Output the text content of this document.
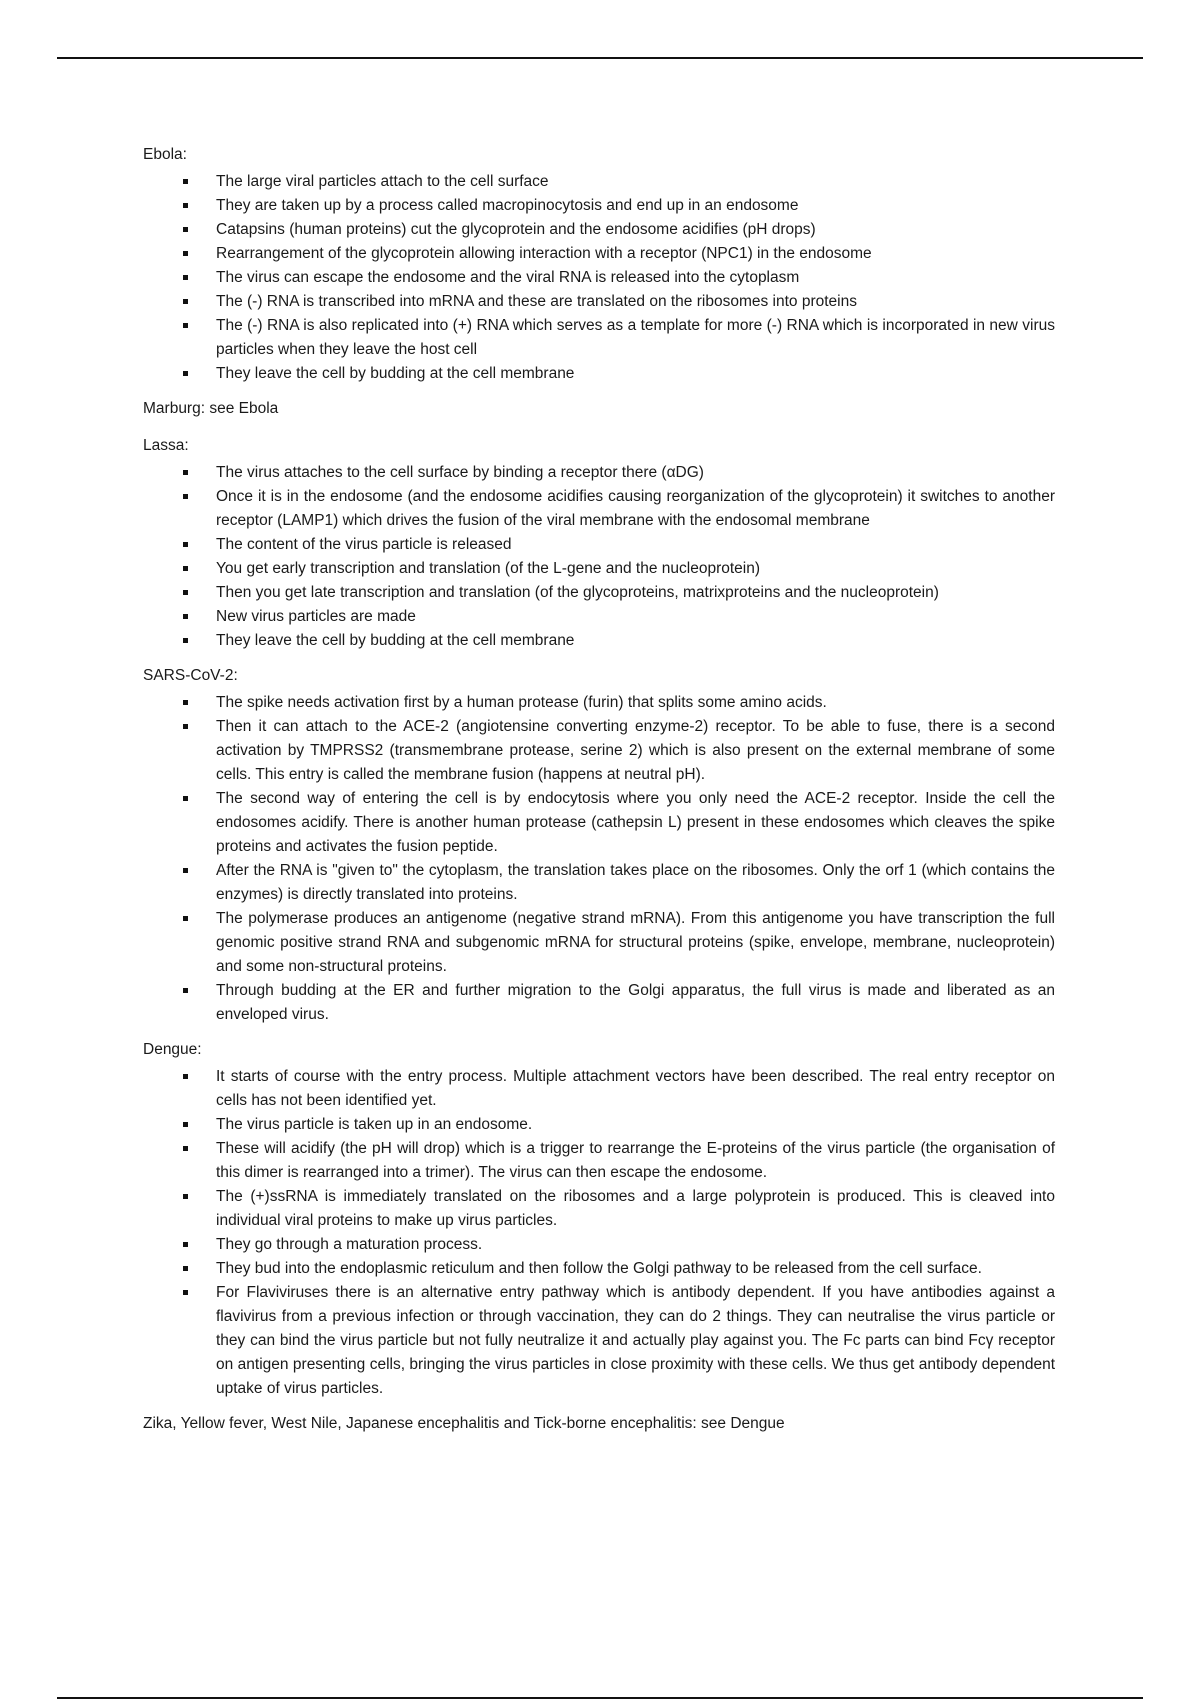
Ebola:

The large viral particles attach to the cell surface
They are taken up by a process called macropinocytosis and end up in an endosome
Catapsins (human proteins) cut the glycoprotein and the endosome acidifies (pH drops)
Rearrangement of the glycoprotein allowing interaction with a receptor (NPC1) in the endosome
The virus can escape the endosome and the viral RNA is released into the cytoplasm
The (-) RNA is transcribed into mRNA and these are translated on the ribosomes into proteins
The (-) RNA is also replicated into (+) RNA which serves as a template for more (-) RNA which is incorporated in new virus particles when they leave the host cell
They leave the cell by budding at the cell membrane

Marburg: see Ebola

Lassa:

The virus attaches to the cell surface by binding a receptor there (αDG)
Once it is in the endosome (and the endosome acidifies causing reorganization of the glycoprotein) it switches to another receptor (LAMP1) which drives the fusion of the viral membrane with the endosomal membrane
The content of the virus particle is released
You get early transcription and translation (of the L-gene and the nucleoprotein)
Then you get late transcription and translation (of the glycoproteins, matrixproteins and the nucleoprotein)
New virus particles are made
They leave the cell by budding at the cell membrane

SARS-CoV-2:

The spike needs activation first by a human protease (furin) that splits some amino acids.
Then it can attach to the ACE-2 (angiotensine converting enzyme-2) receptor. To be able to fuse, there is a second activation by TMPRSS2 (transmembrane protease, serine 2) which is also present on the external membrane of some cells. This entry is called the membrane fusion (happens at neutral pH).
The second way of entering the cell is by endocytosis where you only need the ACE-2 receptor. Inside the cell the endosomes acidify. There is another human protease (cathepsin L) present in these endosomes which cleaves the spike proteins and activates the fusion peptide.
After the RNA is "given to" the cytoplasm, the translation takes place on the ribosomes. Only the orf 1 (which contains the enzymes) is directly translated into proteins.
The polymerase produces an antigenome (negative strand mRNA). From this antigenome you have transcription the full genomic positive strand RNA and subgenomic mRNA for structural proteins (spike, envelope, membrane, nucleoprotein) and some non-structural proteins.
Through budding at the ER and further migration to the Golgi apparatus, the full virus is made and liberated as an enveloped virus.

Dengue:

It starts of course with the entry process. Multiple attachment vectors have been described. The real entry receptor on cells has not been identified yet.
The virus particle is taken up in an endosome.
These will acidify (the pH will drop) which is a trigger to rearrange the E-proteins of the virus particle (the organisation of this dimer is rearranged into a trimer). The virus can then escape the endosome.
The (+)ssRNA is immediately translated on the ribosomes and a large polyprotein is produced. This is cleaved into individual viral proteins to make up virus particles.
They go through a maturation process.
They bud into the endoplasmic reticulum and then follow the Golgi pathway to be released from the cell surface.
For Flaviviruses there is an alternative entry pathway which is antibody dependent. If you have antibodies against a flavivirus from a previous infection or through vaccination, they can do 2 things. They can neutralise the virus particle or they can bind the virus particle but not fully neutralize it and actually play against you. The Fc parts can bind Fcγ receptor on antigen presenting cells, bringing the virus particles in close proximity with these cells. We thus get antibody dependent uptake of virus particles.

Zika, Yellow fever, West Nile, Japanese encephalitis and Tick-borne encephalitis: see Dengue
